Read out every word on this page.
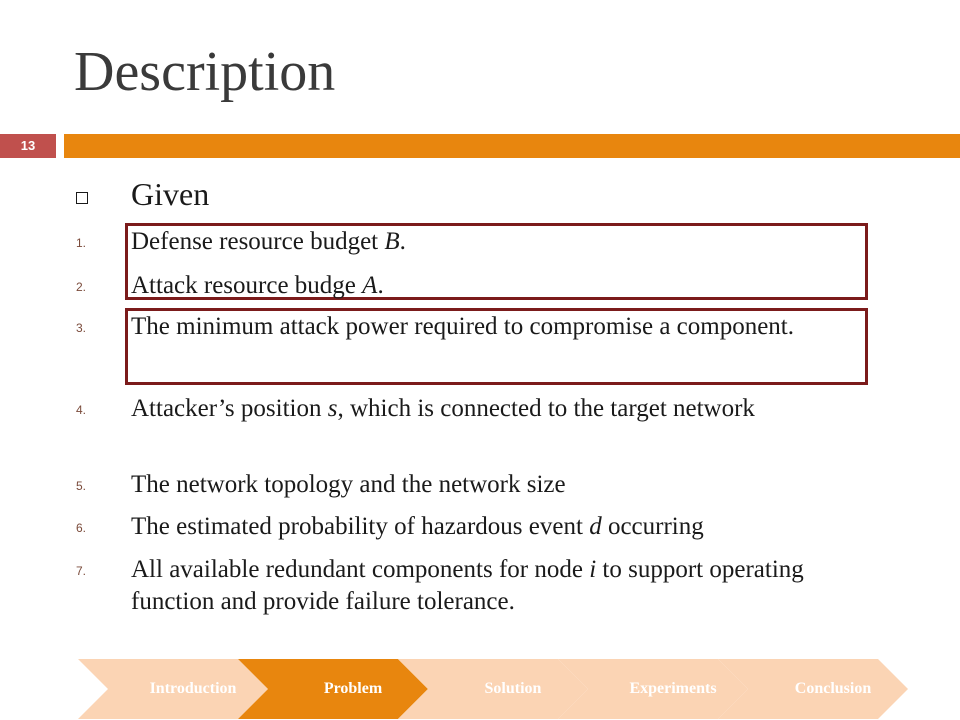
Description
13
Given
1. Defense resource budget B.
2. Attack resource budge A.
3. The minimum attack power required to compromise a component.
4. Attacker’s position s, which is connected to the target network
5. The network topology and the network size
6. The estimated probability of hazardous event d occurring
7. All available redundant components for node i to support operating function and provide failure tolerance.
Introduction	Problem	Solution	Experiments	Conclusion
